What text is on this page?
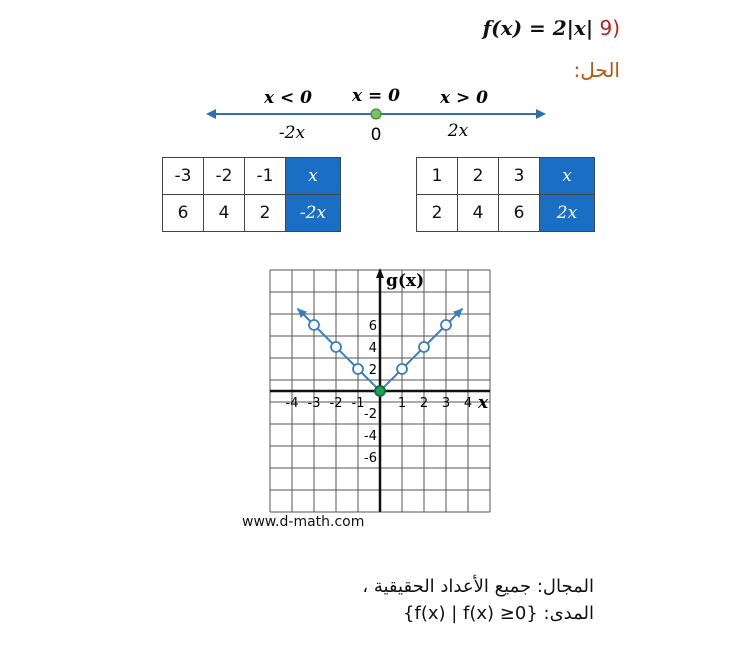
f(x) = 2|x| 9)
الحل:
x < 0 x = 0 x > 0
-2x	0	2x
-3	-2	-1	x
6	4	2	-2x
1	2	3	x
2	4	6	2x
-4 -3 -2 -1	1 2 3 4
6
4
2
-2
-4
-6
g(x)
x
www.d-math.com
المجال: جميع الأعداد الحقيقية ،
المدى: {f(x) | f(x) ≥0}
